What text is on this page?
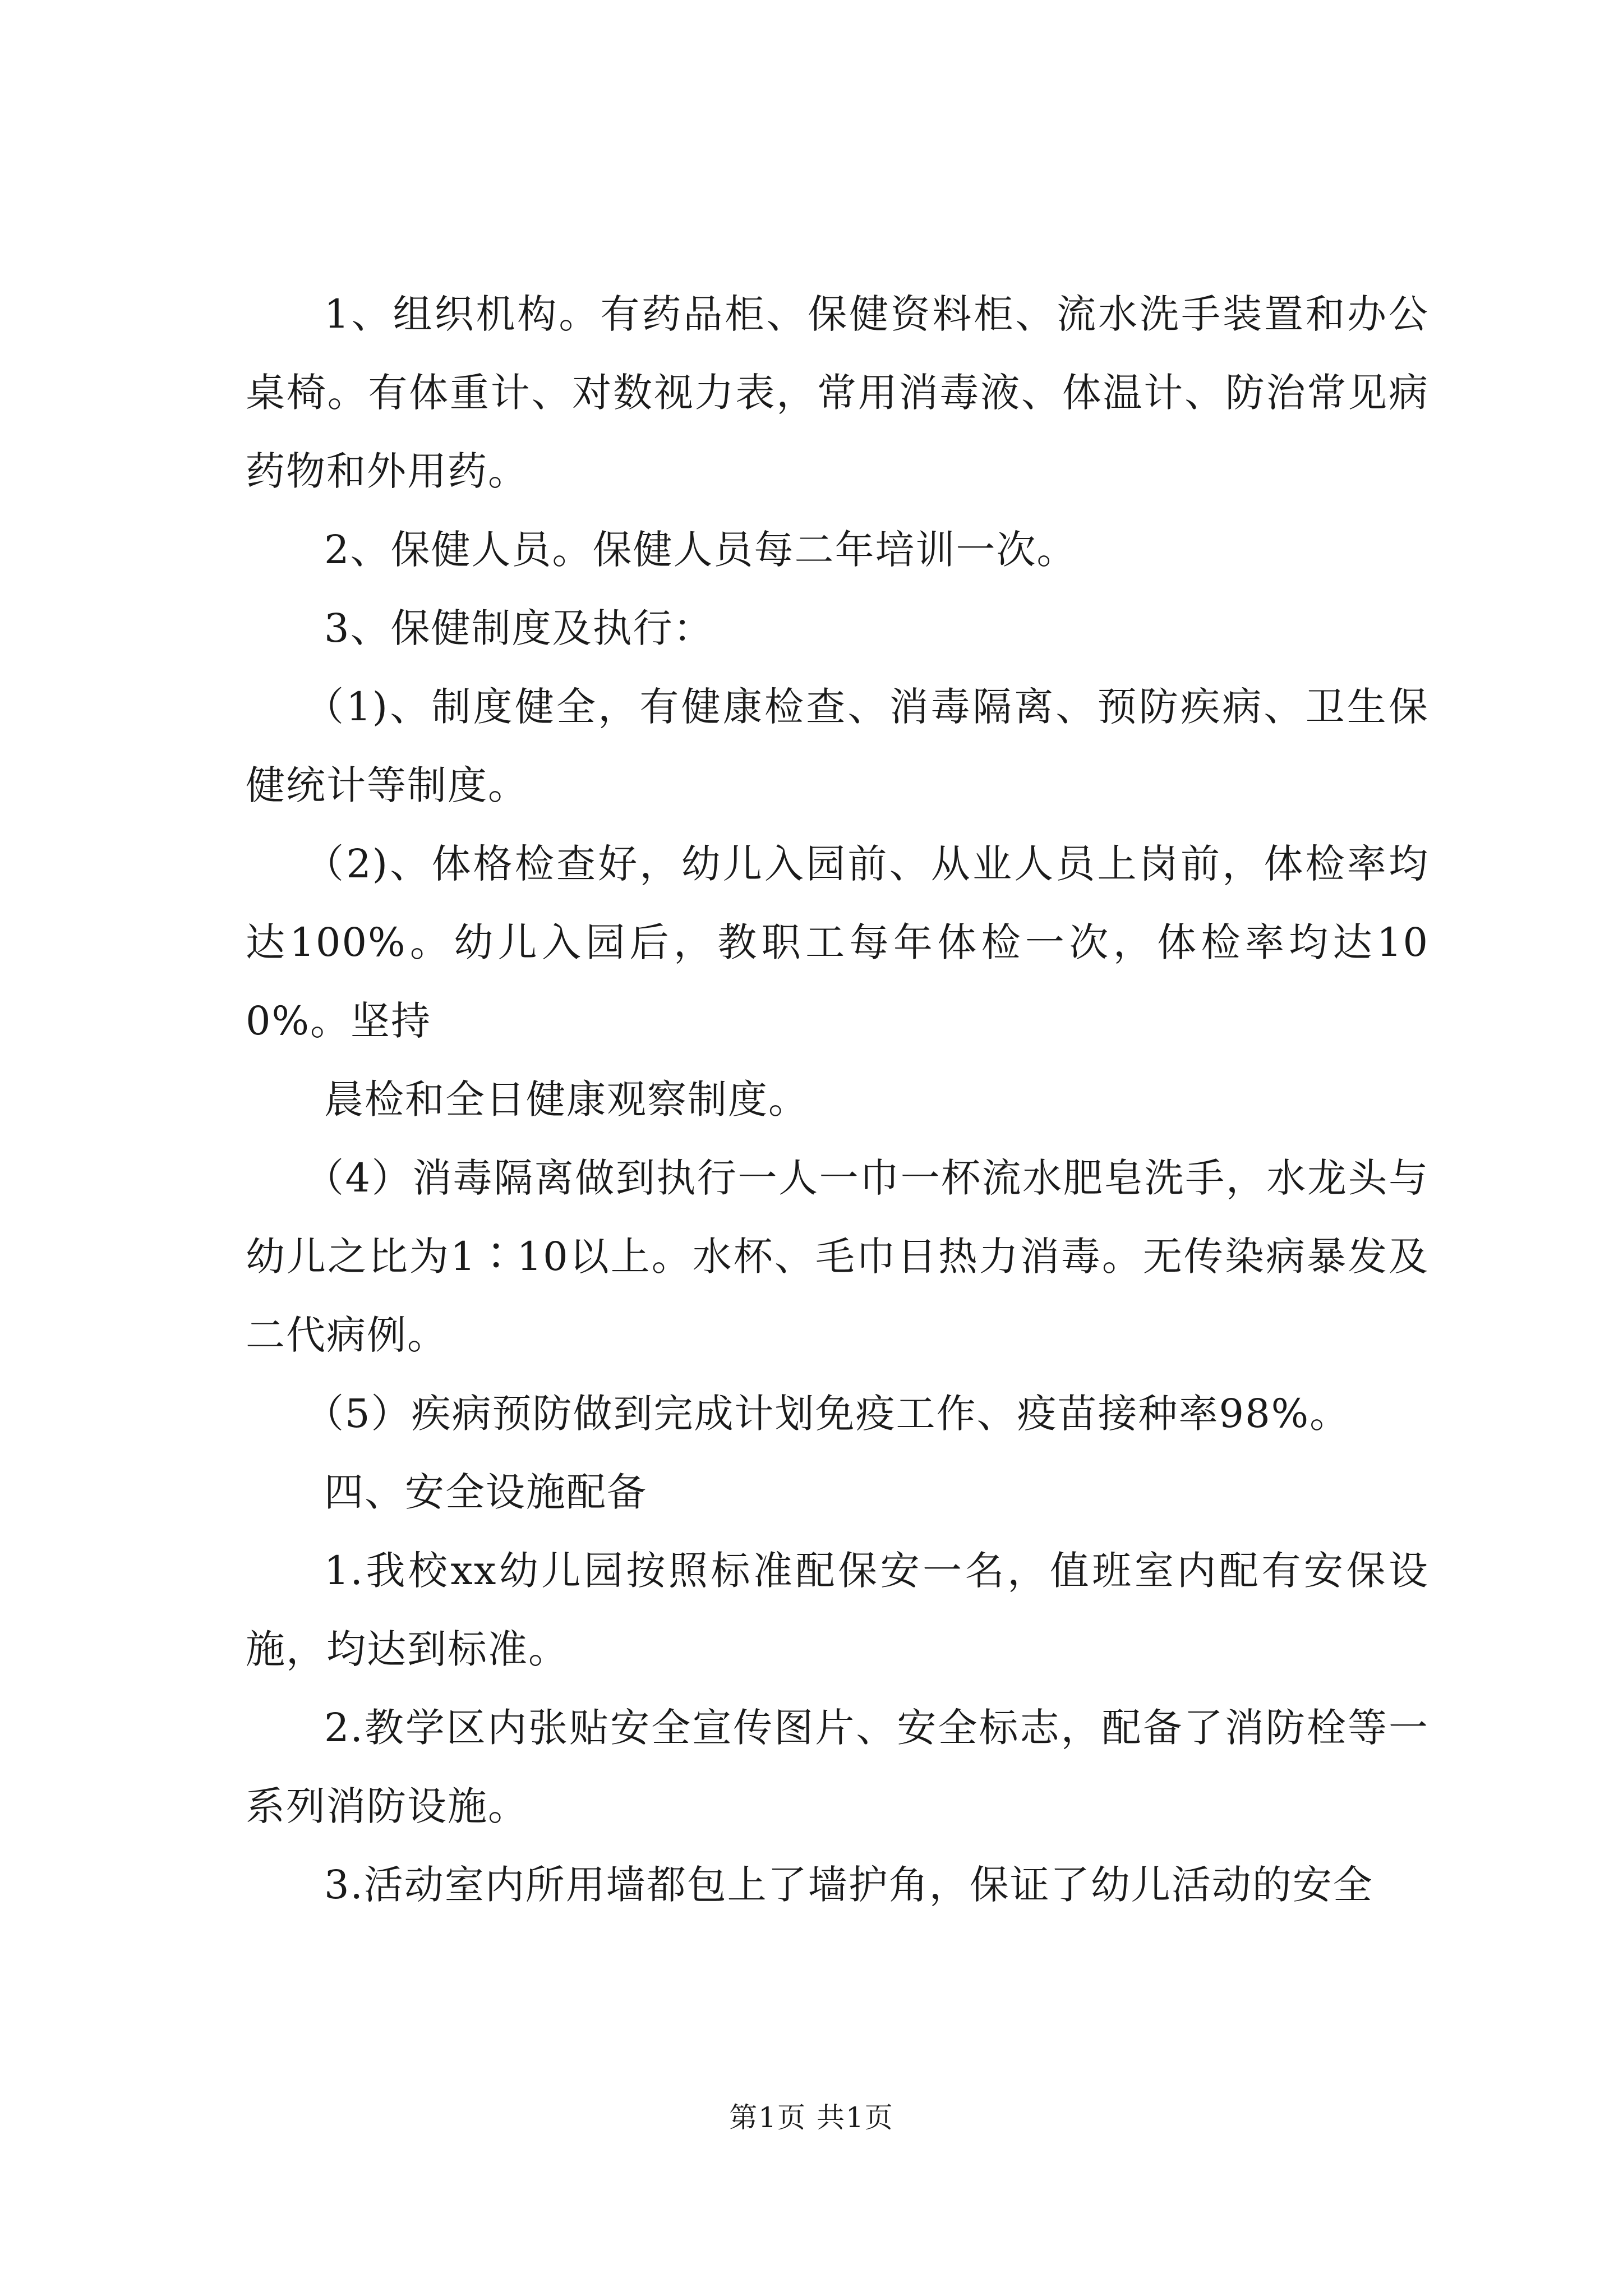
1、组织机构。有药品柜、保健资料柜、流水洗手装置和办公桌椅。有体重计、对数视力表，常用消毒液、体温计、防治常见病药物和外用药。

2、保健人员。保健人员每二年培训一次。

3、保健制度及执行：

（1)、制度健全，有健康检查、消毒隔离、预防疾病、卫生保健统计等制度。

（2)、体格检查好，幼儿入园前、从业人员上岗前，体检率均达100%。幼儿入园后，教职工每年体检一次，体检率均达100%。坚持

晨检和全日健康观察制度。

（4）消毒隔离做到执行一人一巾一杯流水肥皂洗手，水龙头与幼儿之比为1∶10以上。水杯、毛巾日热力消毒。无传染病暴发及二代病例。

（5）疾病预防做到完成计划免疫工作、疫苗接种率98%。

四、安全设施配备

1.我校xx幼儿园按照标准配保安一名，值班室内配有安保设施，均达到标准。

2.教学区内张贴安全宣传图片、安全标志，配备了消防栓等一系列消防设施。

3.活动室内所用墙都包上了墙护角，保证了幼儿活动的安全

第1页 共1页
